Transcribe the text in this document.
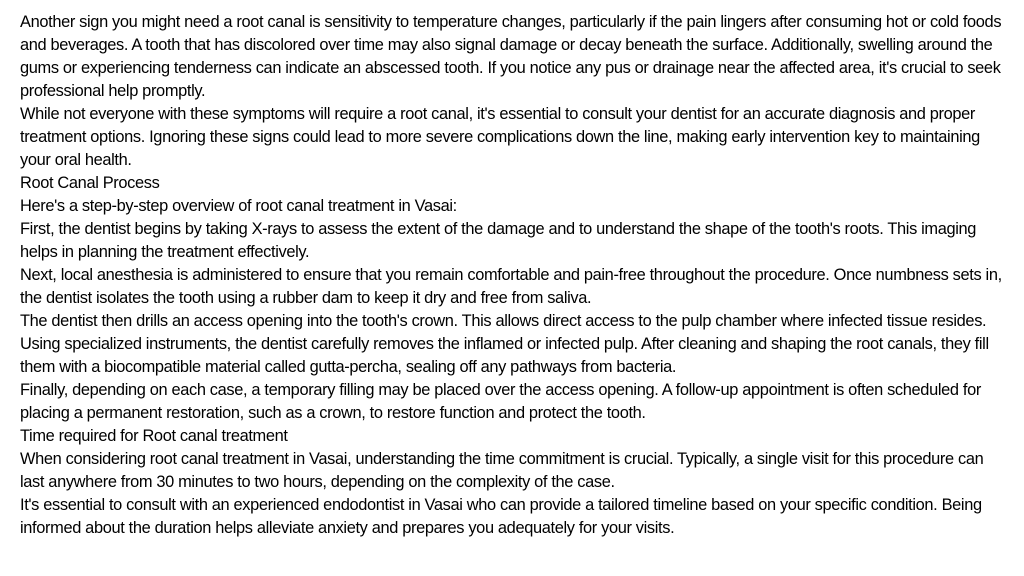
Another sign you might need a root canal is sensitivity to temperature changes, particularly if the pain lingers after consuming hot or cold foods and beverages. A tooth that has discolored over time may also signal damage or decay beneath the surface. Additionally, swelling around the gums or experiencing tenderness can indicate an abscessed tooth. If you notice any pus or drainage near the affected area, it's crucial to seek professional help promptly.

While not everyone with these symptoms will require a root canal, it's essential to consult your dentist for an accurate diagnosis and proper treatment options. Ignoring these signs could lead to more severe complications down the line, making early intervention key to maintaining your oral health.

Root Canal Process

Here's a step-by-step overview of root canal treatment in Vasai:

First, the dentist begins by taking X-rays to assess the extent of the damage and to understand the shape of the tooth's roots. This imaging helps in planning the treatment effectively.

Next, local anesthesia is administered to ensure that you remain comfortable and pain-free throughout the procedure. Once numbness sets in, the dentist isolates the tooth using a rubber dam to keep it dry and free from saliva.

The dentist then drills an access opening into the tooth's crown. This allows direct access to the pulp chamber where infected tissue resides.

Using specialized instruments, the dentist carefully removes the inflamed or infected pulp. After cleaning and shaping the root canals, they fill them with a biocompatible material called gutta-percha, sealing off any pathways from bacteria.

Finally, depending on each case, a temporary filling may be placed over the access opening. A follow-up appointment is often scheduled for placing a permanent restoration, such as a crown, to restore function and protect the tooth.

Time required for Root canal treatment

When considering root canal treatment in Vasai, understanding the time commitment is crucial. Typically, a single visit for this procedure can last anywhere from 30 minutes to two hours, depending on the complexity of the case.

It's essential to consult with an experienced endodontist in Vasai who can provide a tailored timeline based on your specific condition. Being informed about the duration helps alleviate anxiety and prepares you adequately for your visits.
